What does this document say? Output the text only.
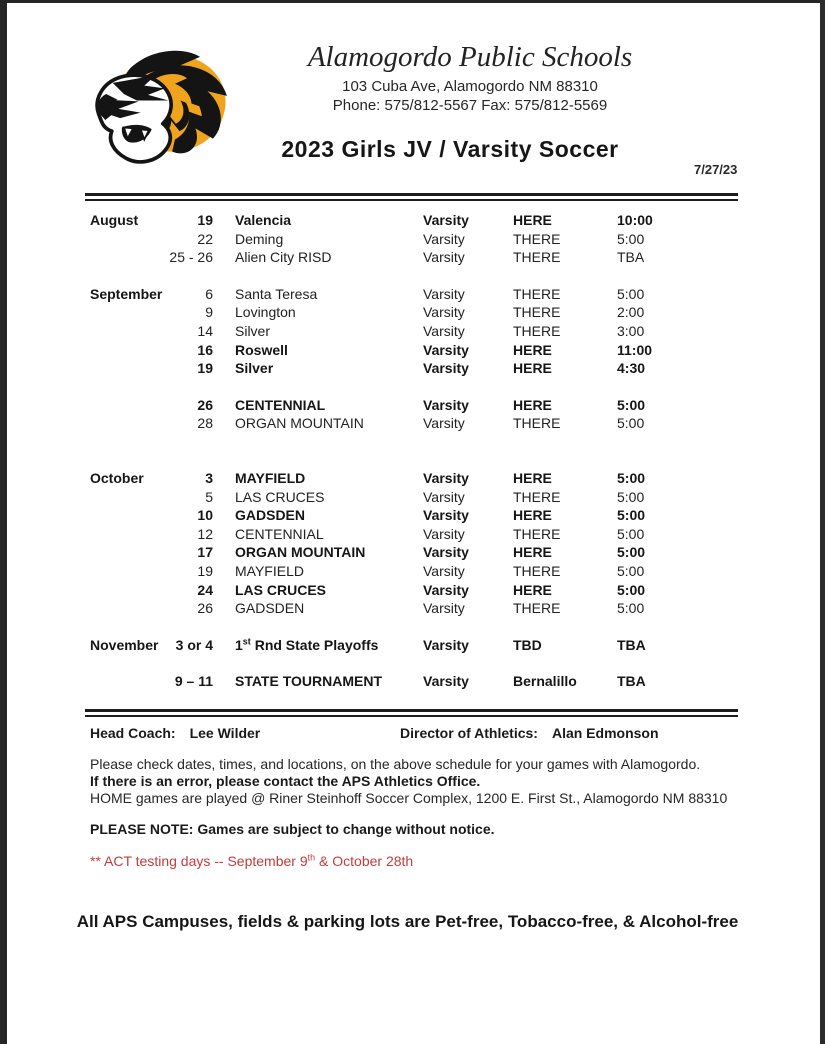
Alamogordo Public Schools
103 Cuba Ave, Alamogordo NM 88310
Phone: 575/812-5567 Fax: 575/812-5569
2023 Girls JV / Varsity Soccer
7/27/23
August	19 Valencia	Varsity	HERE	10:00
22 Deming	Varsity	THERE	5:00
25 - 26 Alien City RISD	Varsity	THERE	TBA
September	6 Santa Teresa	Varsity	THERE	5:00
9 Lovington	Varsity	THERE	2:00
14 Silver	Varsity	THERE	3:00
16 Roswell	Varsity	HERE	11:00
19 Silver	Varsity	HERE	4:30
26 CENTENNIAL	Varsity	HERE	5:00
28 ORGAN MOUNTAIN	Varsity	THERE	5:00
October	3 MAYFIELD	Varsity	HERE	5:00
5 LAS CRUCES	Varsity	THERE	5:00
10 GADSDEN	Varsity	HERE	5:00
12 CENTENNIAL	Varsity	THERE	5:00
17 ORGAN MOUNTAIN	Varsity	HERE	5:00
19 MAYFIELD	Varsity	THERE	5:00
24 LAS CRUCES	Varsity	HERE	5:00
26 GADSDEN	Varsity	THERE	5:00
November	3 or 4 1st Rnd State Playoffs	Varsity	TBD	TBA
9 – 11 STATE TOURNAMENT	Varsity	Bernalillo	TBA
Head Coach: Lee Wilder	Director of Athletics: Alan Edmonson
Please check dates, times, and locations, on the above schedule for your games with Alamogordo.
If there is an error, please contact the APS Athletics Office.
HOME games are played @ Riner Steinhoff Soccer Complex, 1200 E. First St., Alamogordo NM 88310
PLEASE NOTE: Games are subject to change without notice.
** ACT testing days -- September 9th & October 28th
All APS Campuses, fields & parking lots are Pet-free, Tobacco-free, & Alcohol-free
